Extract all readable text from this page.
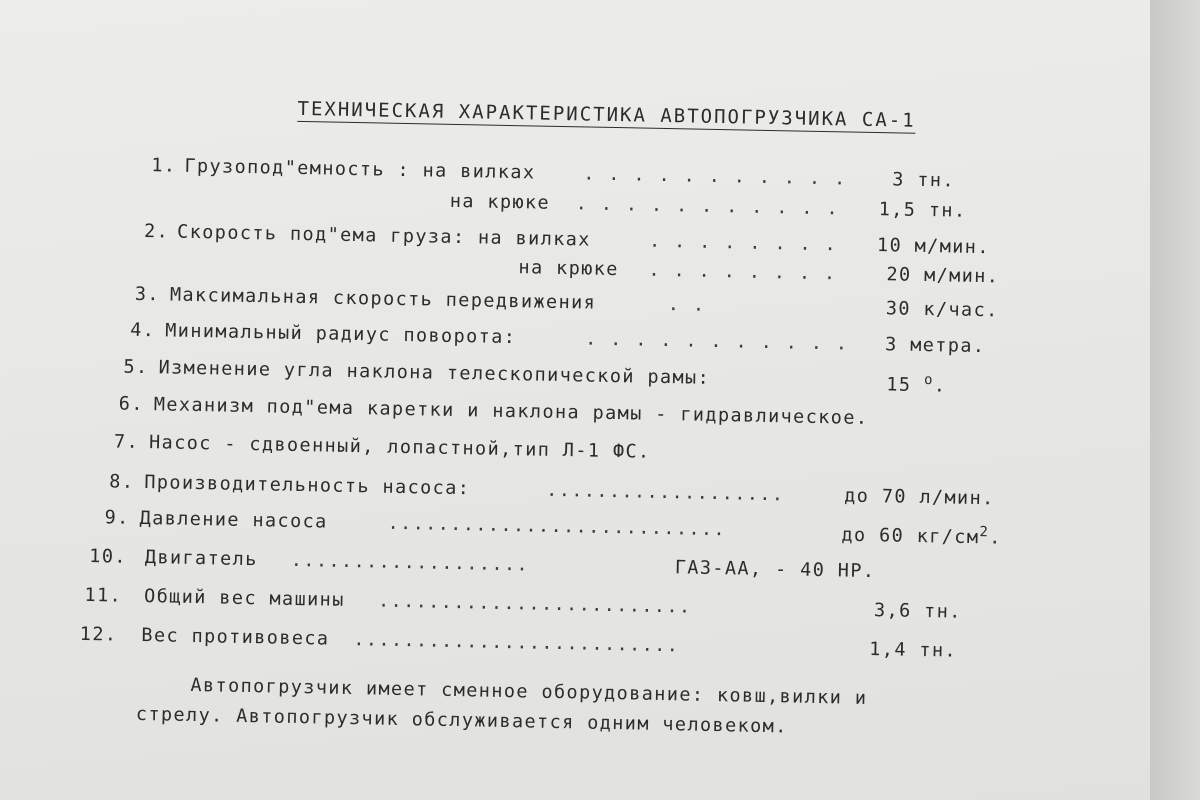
ТЕХНИЧЕСКАЯ ХАРАКТЕРИСТИКА АВТОПОГРУЗЧИКА СА-1
1. Грузопод"емность : на вилках	. . . . . . . . . . . 3 тн.
на крюке . . . . . . . . . . . 1,5 тн.
2. Скорость под"ема груза: на вилках	. . . . . . . . 10 м/мин.
на крюке . . . . . . . .	20 м/мин.
3. Максимальная скорость передвижения	. .	30 к/час.
4. Минимальный радиус поворота:	. . . . . . . . . . . 3 метра.
5. Изменение угла наклона телескопической рамы:	15 $^о$.
6. Механизм под"ема каретки и наклона рамы - гидравлическое.
7. Насос - сдвоенный, лопастной,тип Л-1 ФС.
8. Производительность насоса:	...................	до 70 л/мин.
9. Давление насоса	...........................	до 60 $кг/см^2$.
10. Двигатель ...................	ГАЗ-АА, - 40 НР.
11. Общий вес машины .........................	3,6 тн.
12. Вес противовеса ..........................	1,4 тн.
Автопогрузчик имеет сменное оборудование: ковш,вилки и
стрелу. Автопогрузчик обслуживается одним человеком.
